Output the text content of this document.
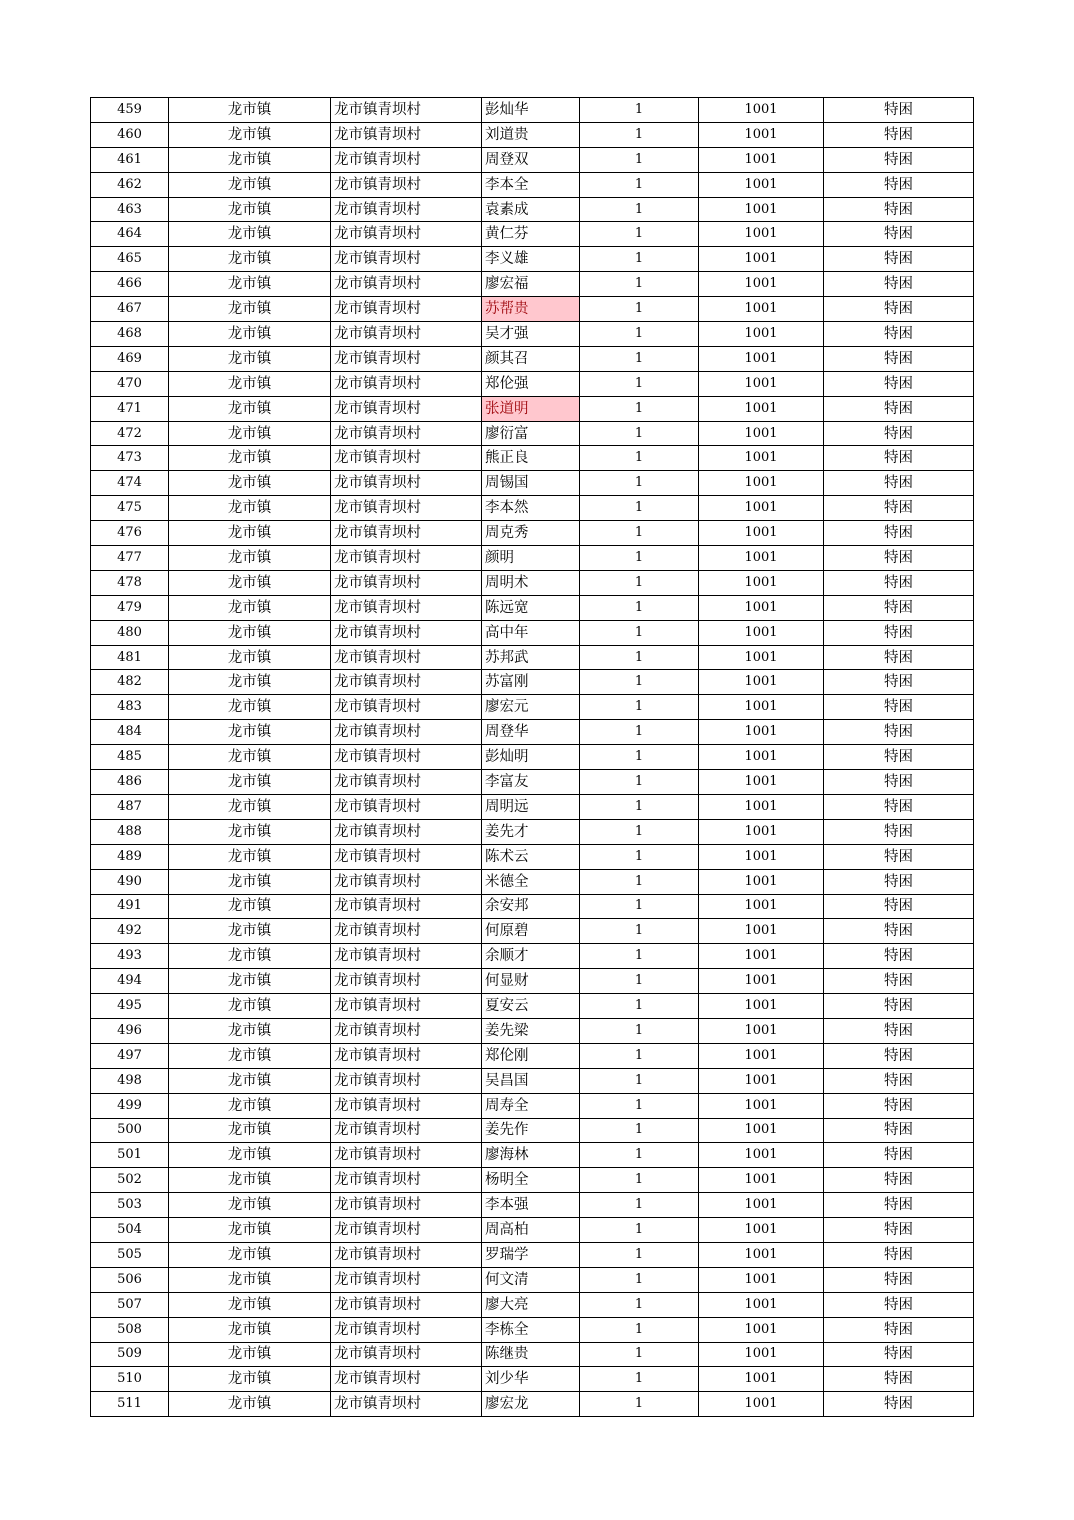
459	龙市镇	龙市镇青坝村	彭灿华	1	1001	特困
460	龙市镇	龙市镇青坝村	刘道贵	1	1001	特困
461	龙市镇	龙市镇青坝村	周登双	1	1001	特困
462	龙市镇	龙市镇青坝村	李本全	1	1001	特困
463	龙市镇	龙市镇青坝村	袁素成	1	1001	特困
464	龙市镇	龙市镇青坝村	黄仁芬	1	1001	特困
465	龙市镇	龙市镇青坝村	李义雄	1	1001	特困
466	龙市镇	龙市镇青坝村	廖宏福	1	1001	特困
467	龙市镇	龙市镇青坝村	苏帮贵	1	1001	特困
468	龙市镇	龙市镇青坝村	吴才强	1	1001	特困
469	龙市镇	龙市镇青坝村	颜其召	1	1001	特困
470	龙市镇	龙市镇青坝村	郑伦强	1	1001	特困
471	龙市镇	龙市镇青坝村	张道明	1	1001	特困
472	龙市镇	龙市镇青坝村	廖衍富	1	1001	特困
473	龙市镇	龙市镇青坝村	熊正良	1	1001	特困
474	龙市镇	龙市镇青坝村	周锡国	1	1001	特困
475	龙市镇	龙市镇青坝村	李本然	1	1001	特困
476	龙市镇	龙市镇青坝村	周克秀	1	1001	特困
477	龙市镇	龙市镇青坝村	颜明	1	1001	特困
478	龙市镇	龙市镇青坝村	周明术	1	1001	特困
479	龙市镇	龙市镇青坝村	陈远宽	1	1001	特困
480	龙市镇	龙市镇青坝村	高中年	1	1001	特困
481	龙市镇	龙市镇青坝村	苏邦武	1	1001	特困
482	龙市镇	龙市镇青坝村	苏富刚	1	1001	特困
483	龙市镇	龙市镇青坝村	廖宏元	1	1001	特困
484	龙市镇	龙市镇青坝村	周登华	1	1001	特困
485	龙市镇	龙市镇青坝村	彭灿明	1	1001	特困
486	龙市镇	龙市镇青坝村	李富友	1	1001	特困
487	龙市镇	龙市镇青坝村	周明远	1	1001	特困
488	龙市镇	龙市镇青坝村	姜先才	1	1001	特困
489	龙市镇	龙市镇青坝村	陈术云	1	1001	特困
490	龙市镇	龙市镇青坝村	米德全	1	1001	特困
491	龙市镇	龙市镇青坝村	余安邦	1	1001	特困
492	龙市镇	龙市镇青坝村	何原碧	1	1001	特困
493	龙市镇	龙市镇青坝村	余顺才	1	1001	特困
494	龙市镇	龙市镇青坝村	何显财	1	1001	特困
495	龙市镇	龙市镇青坝村	夏安云	1	1001	特困
496	龙市镇	龙市镇青坝村	姜先梁	1	1001	特困
497	龙市镇	龙市镇青坝村	郑伦刚	1	1001	特困
498	龙市镇	龙市镇青坝村	吴昌国	1	1001	特困
499	龙市镇	龙市镇青坝村	周寿全	1	1001	特困
500	龙市镇	龙市镇青坝村	姜先作	1	1001	特困
501	龙市镇	龙市镇青坝村	廖海林	1	1001	特困
502	龙市镇	龙市镇青坝村	杨明全	1	1001	特困
503	龙市镇	龙市镇青坝村	李本强	1	1001	特困
504	龙市镇	龙市镇青坝村	周高柏	1	1001	特困
505	龙市镇	龙市镇青坝村	罗瑞学	1	1001	特困
506	龙市镇	龙市镇青坝村	何文清	1	1001	特困
507	龙市镇	龙市镇青坝村	廖大亮	1	1001	特困
508	龙市镇	龙市镇青坝村	李栋全	1	1001	特困
509	龙市镇	龙市镇青坝村	陈继贵	1	1001	特困
510	龙市镇	龙市镇青坝村	刘少华	1	1001	特困
511	龙市镇	龙市镇青坝村	廖宏龙	1	1001	特困
